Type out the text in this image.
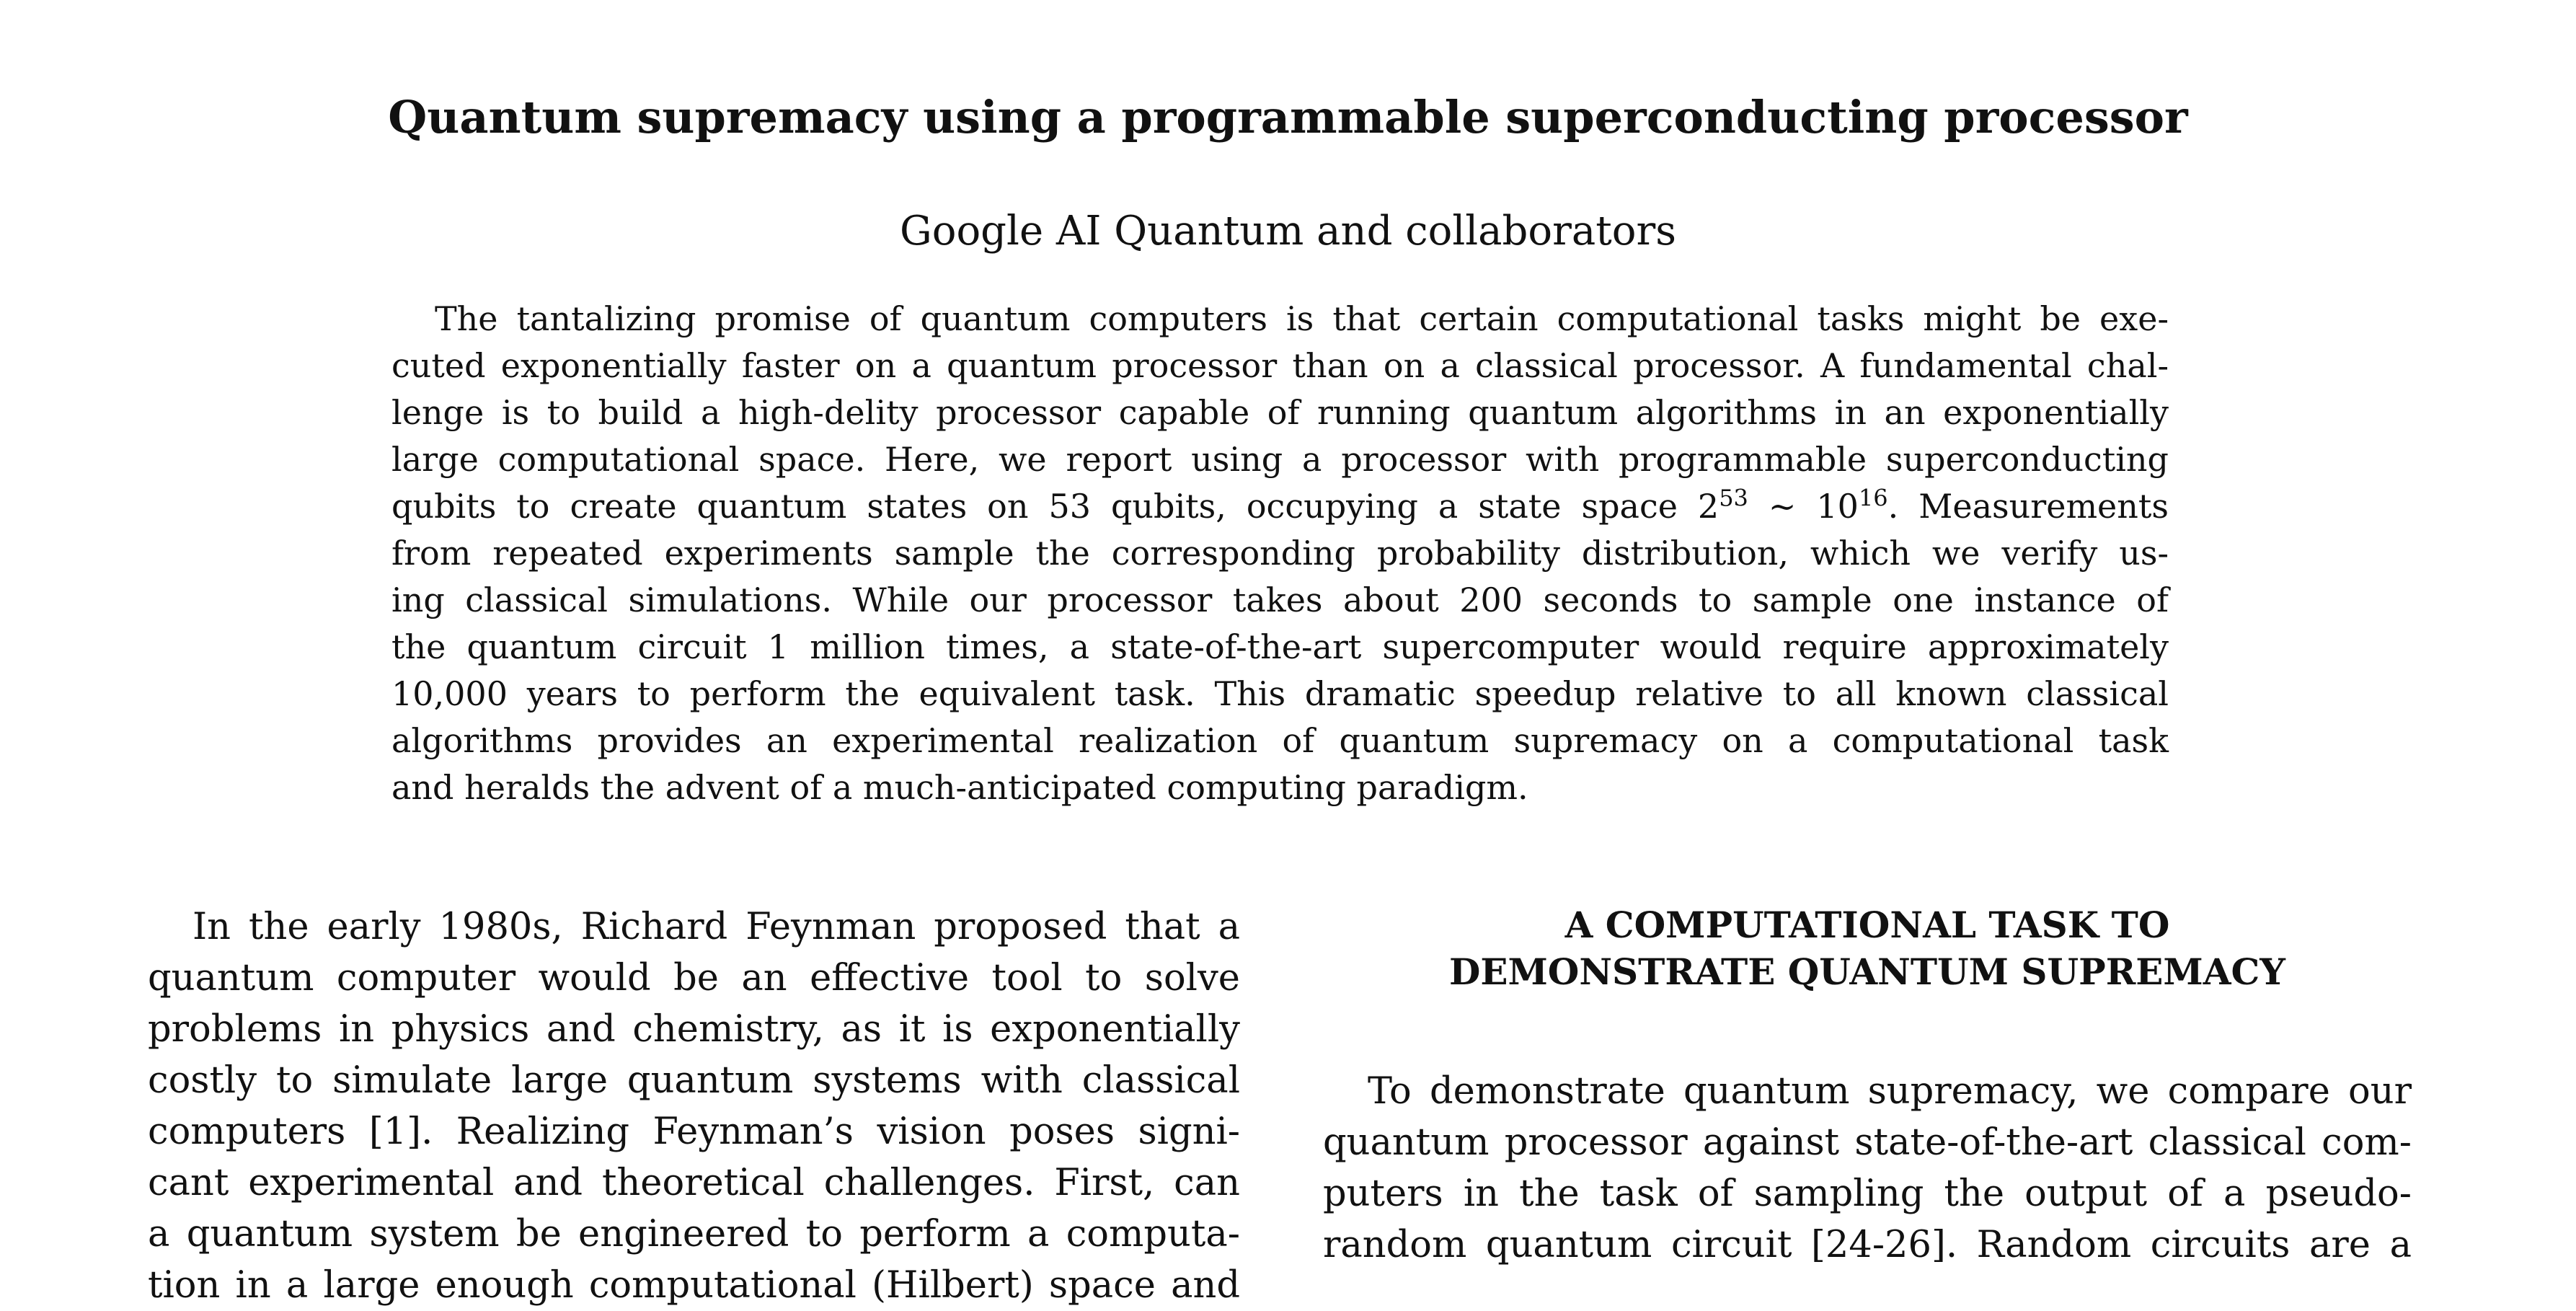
Quantum supremacy using a programmable superconducting processor
Google AI Quantum and collaborators
The tantalizing promise of quantum computers is that certain computational tasks might be exe-
cuted exponentially faster on a quantum processor than on a classical processor. A fundamental chal-
lenge is to build a high-delity processor capable of running quantum algorithms in an exponentially
large computational space. Here, we report using a processor with programmable superconducting
qubits to create quantum states on 53 qubits, occupying a state space $2^{53}$ ~ $10^{16}$. Measurements
from repeated experiments sample the corresponding probability distribution, which we verify us-
ing classical simulations. While our processor takes about 200 seconds to sample one instance of
the quantum circuit 1 million times, a state-of-the-art supercomputer would require approximately
10,000 years to perform the equivalent task. This dramatic speedup relative to all known classical
algorithms provides an experimental realization of quantum supremacy on a computational task
and heralds the advent of a much-anticipated computing paradigm.
In the early 1980s, Richard Feynman proposed that a
quantum computer would be an effective tool to solve
problems in physics and chemistry, as it is exponentially
costly to simulate large quantum systems with classical
computers [1]. Realizing Feynman’s vision poses signi-
cant experimental and theoretical challenges. First, can
a quantum system be engineered to perform a computa-
tion in a large enough computational (Hilbert) space and
A COMPUTATIONAL TASK TO
DEMONSTRATE QUANTUM SUPREMACY
To demonstrate quantum supremacy, we compare our
quantum processor against state-of-the-art classical com-
puters in the task of sampling the output of a pseudo-
random quantum circuit [24-26]. Random circuits are a
